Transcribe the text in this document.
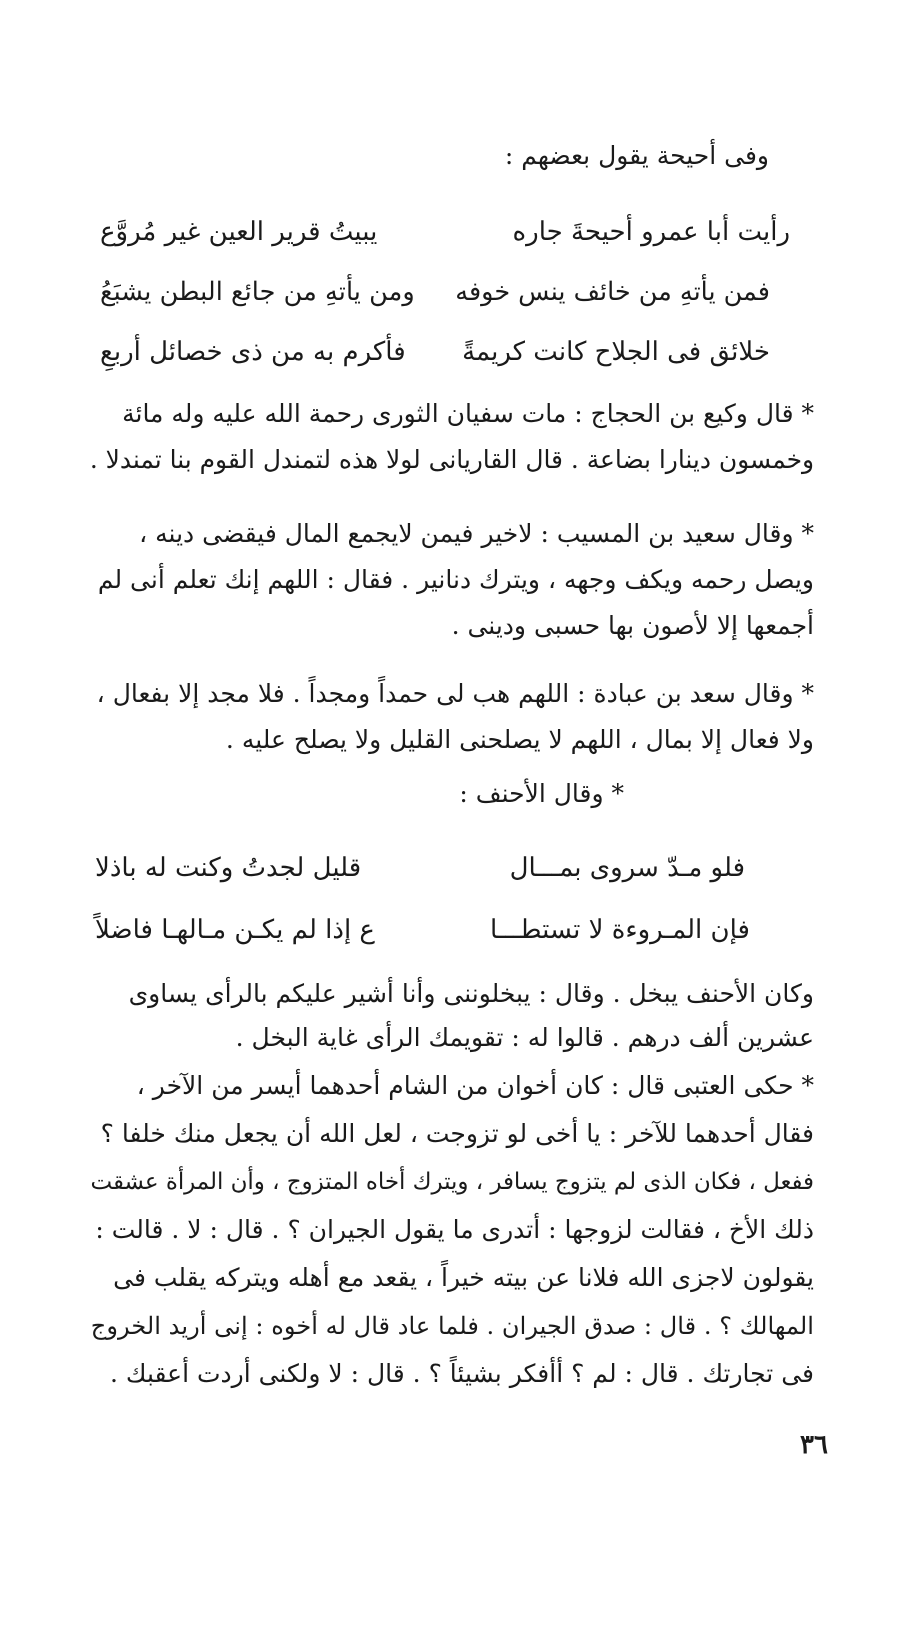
وفى أحيحة يقول بعضهم :
رأيت أبا عمرو أحيحةَ جاره
يبيتُ قرير العين غير مُروَّع
فمن يأتهِ من خائف ينس خوفه
ومن يأتهِ من جائع البطن يشبَعُ
خلائق فى الجلاح كانت كريمةً
فأكرم به من ذى خصائل أربعِ
* قال وكيع بن الحجاج : مات سفيان الثورى رحمة الله عليه وله مائة
وخمسون دينارا بضاعة . قال القاريانى لولا هذه لتمندل القوم بنا تمندلا .
* وقال سعيد بن المسيب : لاخير فيمن لايجمع المال فيقضى دينه ،
ويصل رحمه ويكف وجهه ، ويترك دنانير . فقال : اللهم إنك تعلم أنى لم
أجمعها إلا لأصون بها حسبى ودينى .
* وقال سعد بن عبادة : اللهم هب لى حمداً ومجداً . فلا مجد إلا بفعال ،
ولا فعال إلا بمال ، اللهم لا يصلحنى القليل ولا يصلح عليه .
* وقال الأحنف :
فلو مـدّ سروى بمـــال
قليل لجدتُ وكنت له باذلا
فإن المـروءة لا تستطـــا
ع إذا لم يكـن مـالهـا فاضلاً
وكان الأحنف يبخل . وقال : يبخلوننى وأنا أشير عليكم بالرأى يساوى
عشرين ألف درهم . قالوا له : تقويمك الرأى غاية البخل .
* حكى العتبى قال : كان أخوان من الشام أحدهما أيسر من الآخر ،
فقال أحدهما للآخر : يا أخى لو تزوجت ، لعل الله أن يجعل منك خلفا ؟
ففعل ، فكان الذى لم يتزوج يسافر ، ويترك أخاه المتزوج ، وأن المرأة عشقت
ذلك الأخ ، فقالت لزوجها : أتدرى ما يقول الجيران ؟ . قال : لا . قالت :
يقولون لاجزى الله فلانا عن بيته خيراً ، يقعد مع أهله ويتركه يقلب فى
المهالك ؟ . قال : صدق الجيران . فلما عاد قال له أخوه : إنى أريد الخروج
فى تجارتك . قال : لم ؟ أأفكر بشيئاً ؟ . قال : لا ولكنى أردت أعقبك .
٣٦
